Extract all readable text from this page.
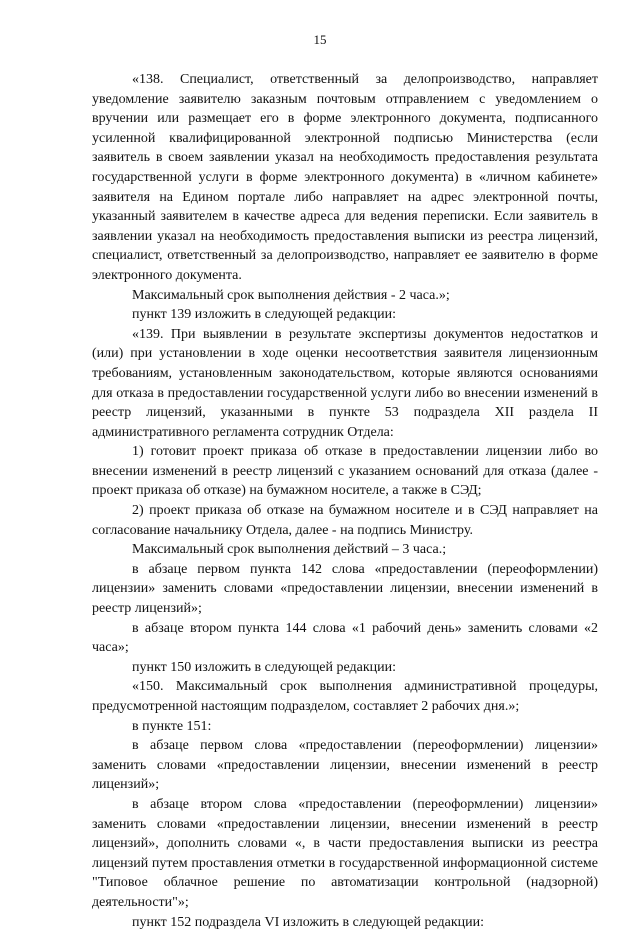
15

«138. Специалист, ответственный за делопроизводство, направляет уведомление заявителю заказным почтовым отправлением с уведомлением о вручении или размещает его в форме электронного документа, подписанного усиленной квалифицированной электронной подписью Министерства (если заявитель в своем заявлении указал на необходимость предоставления результата государственной услуги в форме электронного документа) в «личном кабинете» заявителя на Едином портале либо направляет на адрес электронной почты, указанный заявителем в качестве адреса для ведения переписки. Если заявитель в заявлении указал на необходимость предоставления выписки из реестра лицензий, специалист, ответственный за делопроизводство, направляет ее заявителю в форме электронного документа.

Максимальный срок выполнения действия - 2 часа.»;

пункт 139 изложить в следующей редакции:

«139. При выявлении в результате экспертизы документов недостатков и (или) при установлении в ходе оценки несоответствия заявителя лицензионным требованиям, установленным законодательством, которые являются основаниями для отказа в предоставлении государственной услуги либо во внесении изменений в реестр лицензий, указанными в пункте 53 подраздела XII раздела II административного регламента сотрудник Отдела:

1) готовит проект приказа об отказе в предоставлении лицензии либо во внесении изменений в реестр лицензий с указанием оснований для отказа (далее - проект приказа об отказе) на бумажном носителе, а также в СЭД;

2) проект приказа об отказе на бумажном носителе и в СЭД направляет на согласование начальнику Отдела, далее - на подпись Министру.

Максимальный срок выполнения действий – 3 часа.;

в абзаце первом пункта 142 слова «предоставлении (переоформлении) лицензии» заменить словами «предоставлении лицензии, внесении изменений в реестр лицензий»;

в абзаце втором пункта 144 слова «1 рабочий день» заменить словами «2 часа»;

пункт 150 изложить в следующей редакции:

«150. Максимальный срок выполнения административной процедуры, предусмотренной настоящим подразделом, составляет 2 рабочих дня.»;

в пункте 151:

в абзаце первом слова «предоставлении (переоформлении) лицензии» заменить словами «предоставлении лицензии, внесении изменений в реестр лицензий»;

в абзаце втором слова «предоставлении (переоформлении) лицензии» заменить словами «предоставлении лицензии, внесении изменений в реестр лицензий», дополнить словами «, в части предоставления выписки из реестра лицензий путем проставления отметки в государственной информационной системе "Типовое облачное решение по автоматизации контрольной (надзорной) деятельности"»;

пункт 152 подраздела VI изложить в следующей редакции:
